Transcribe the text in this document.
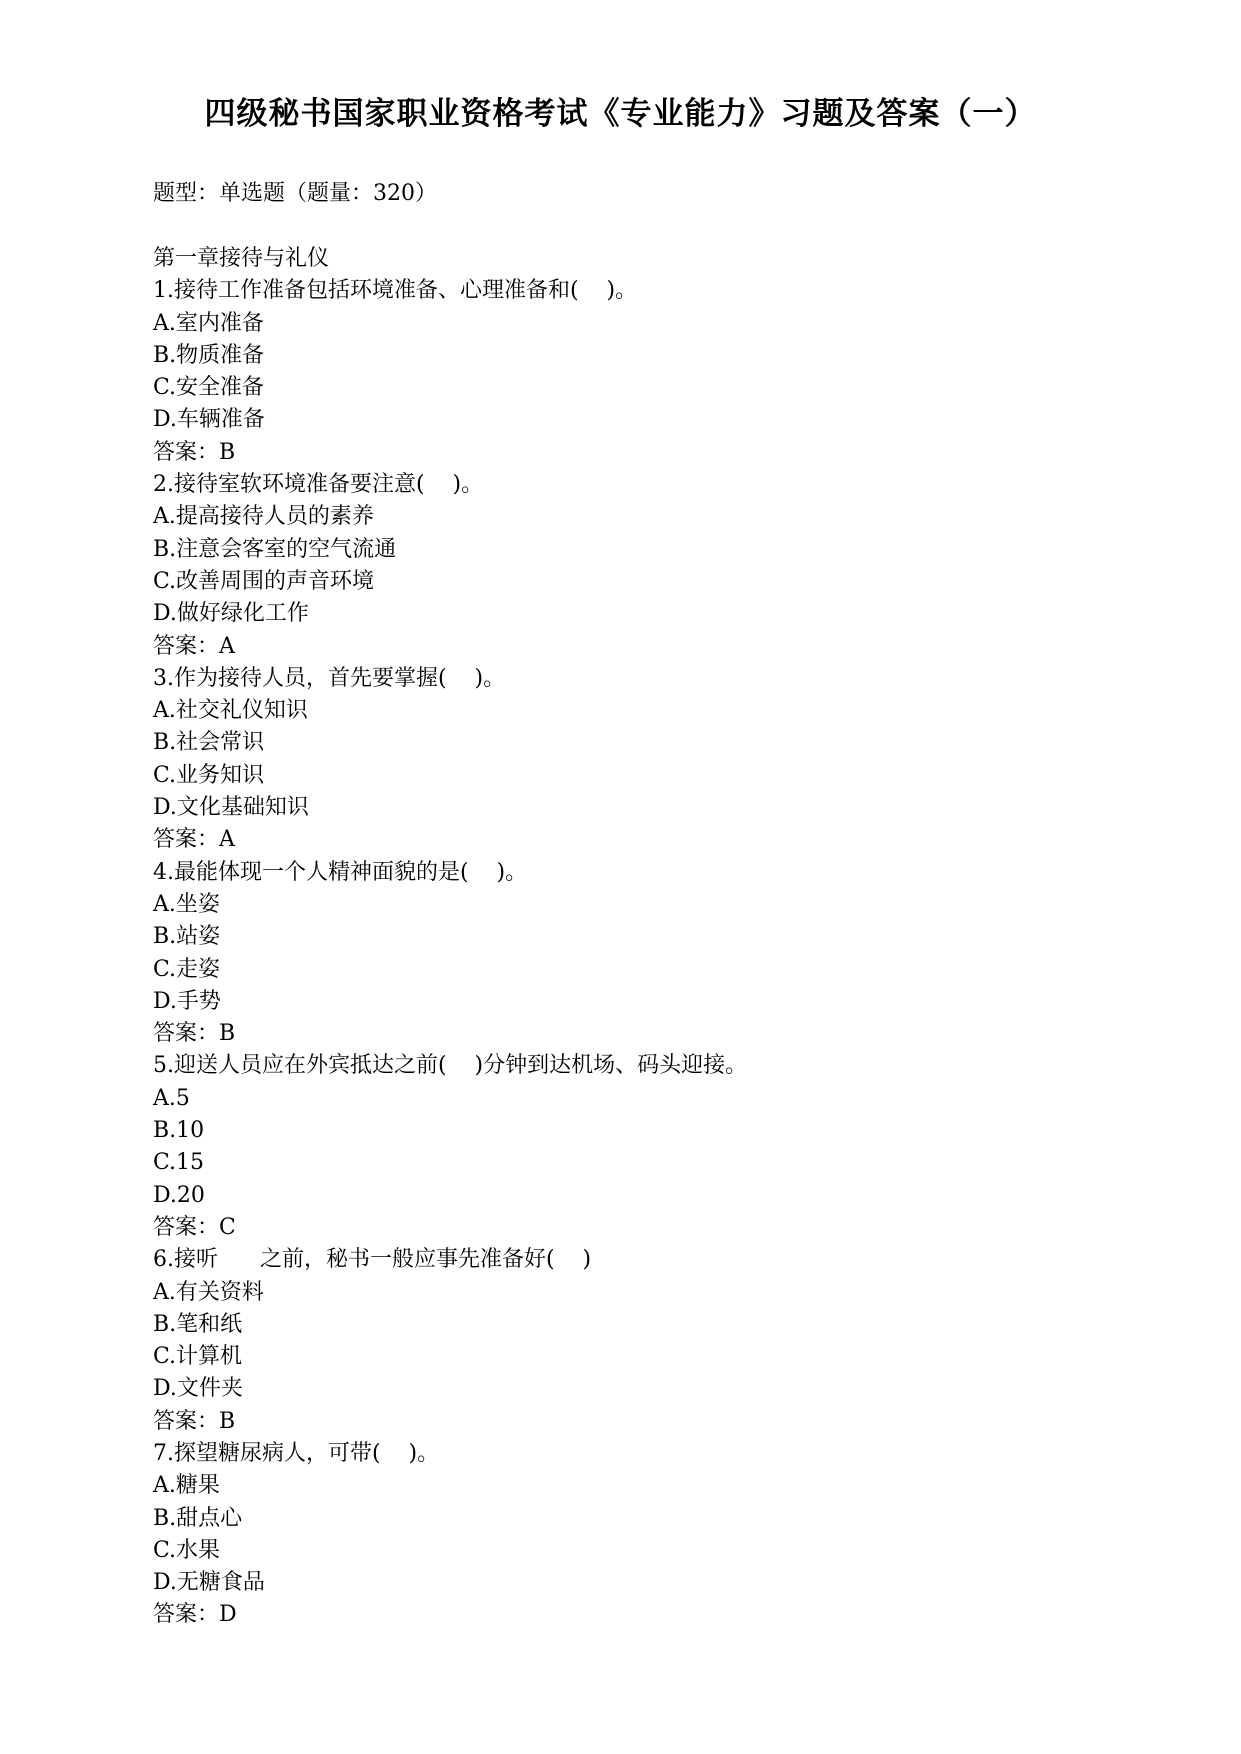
四级秘书国家职业资格考试《专业能力》习题及答案（一）

题型：单选题（题量：320）

第一章接待与礼仪
1.接待工作准备包括环境准备、心理准备和(    )。
A.室内准备
B.物质准备
C.安全准备
D.车辆准备
答案：B
2.接待室软环境准备要注意(    )。
A.提高接待人员的素养
B.注意会客室的空气流通
C.改善周围的声音环境
D.做好绿化工作
答案：A
3.作为接待人员，首先要掌握(    )。
A.社交礼仪知识
B.社会常识
C.业务知识
D.文化基础知识
答案：A
4.最能体现一个人精神面貌的是(    )。
A.坐姿
B.站姿
C.走姿
D.手势
答案：B
5.迎送人员应在外宾抵达之前(    )分钟到达机场、码头迎接。
A.5
B.10
C.15
D.20
答案：C
6.接听      之前，秘书一般应事先准备好(    )
A.有关资料
B.笔和纸
C.计算机
D.文件夹
答案：B
7.探望糖尿病人，可带(    )。
A.糖果
B.甜点心
C.水果
D.无糖食品
答案：D
